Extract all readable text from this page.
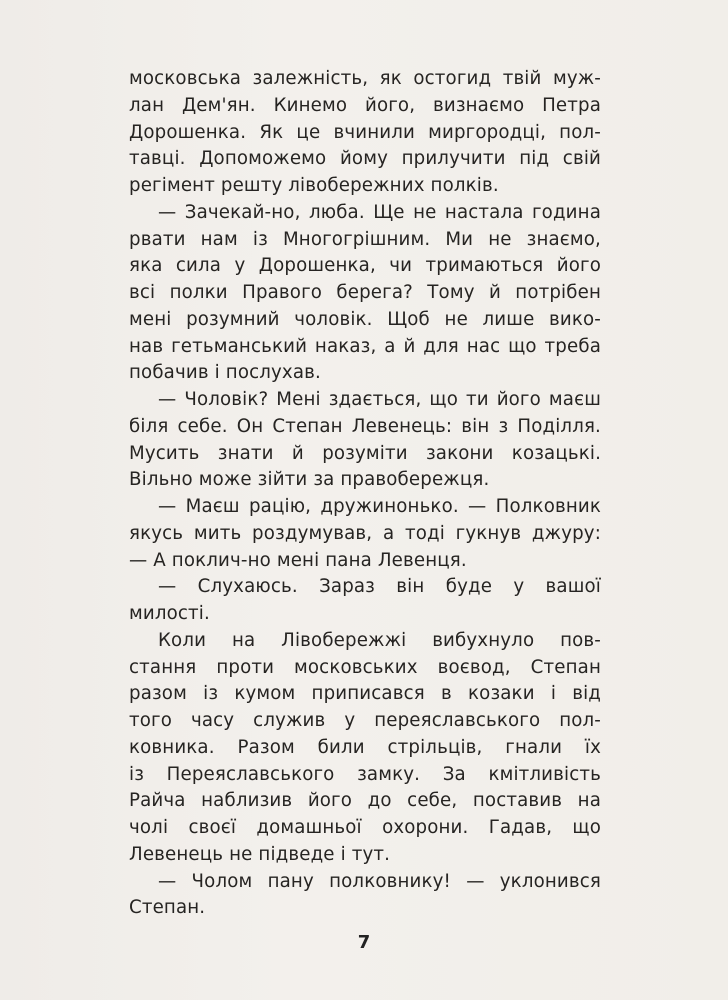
московська залежність, як остогид твій муж-
лан Дем'ян. Кинемо його, визнаємо Петра
Дорошенка. Як це вчинили миргородці, пол-
тавці. Допоможемо йому прилучити під свій
регімент решту лівобережних полків.
— Зачекай-но, люба. Ще не настала година
рвати нам із Многогрішним. Ми не знаємо,
яка сила у Дорошенка, чи тримаються його
всі полки Правого берега? Тому й потрібен
мені розумний чоловік. Щоб не лише вико-
нав гетьманський наказ, а й для нас що треба
побачив і послухав.
— Чоловік? Мені здається, що ти його маєш
біля себе. Он Степан Левенець: він з Поділля.
Мусить знати й розуміти закони козацькі.
Вільно може зійти за правобережця.
— Маєш рацію, дружинонько. — Полковник
якусь мить роздумував, а тоді гукнув джуру:
— А поклич-но мені пана Левенця.
— Слухаюсь. Зараз він буде у вашої
милості.
Коли на Лівобережжі вибухнуло пов-
стання проти московських воєвод, Степан
разом із кумом приписався в козаки і від
того часу служив у переяславського пол-
ковника. Разом били стрільців, гнали їх
із Переяславського замку. За кмітливість
Райча наблизив його до себе, поставив на
чолі своєї домашньої охорони. Гадав, що
Левенець не підведе і тут.
— Чолом пану полковнику! — уклонився
Степан.
7
